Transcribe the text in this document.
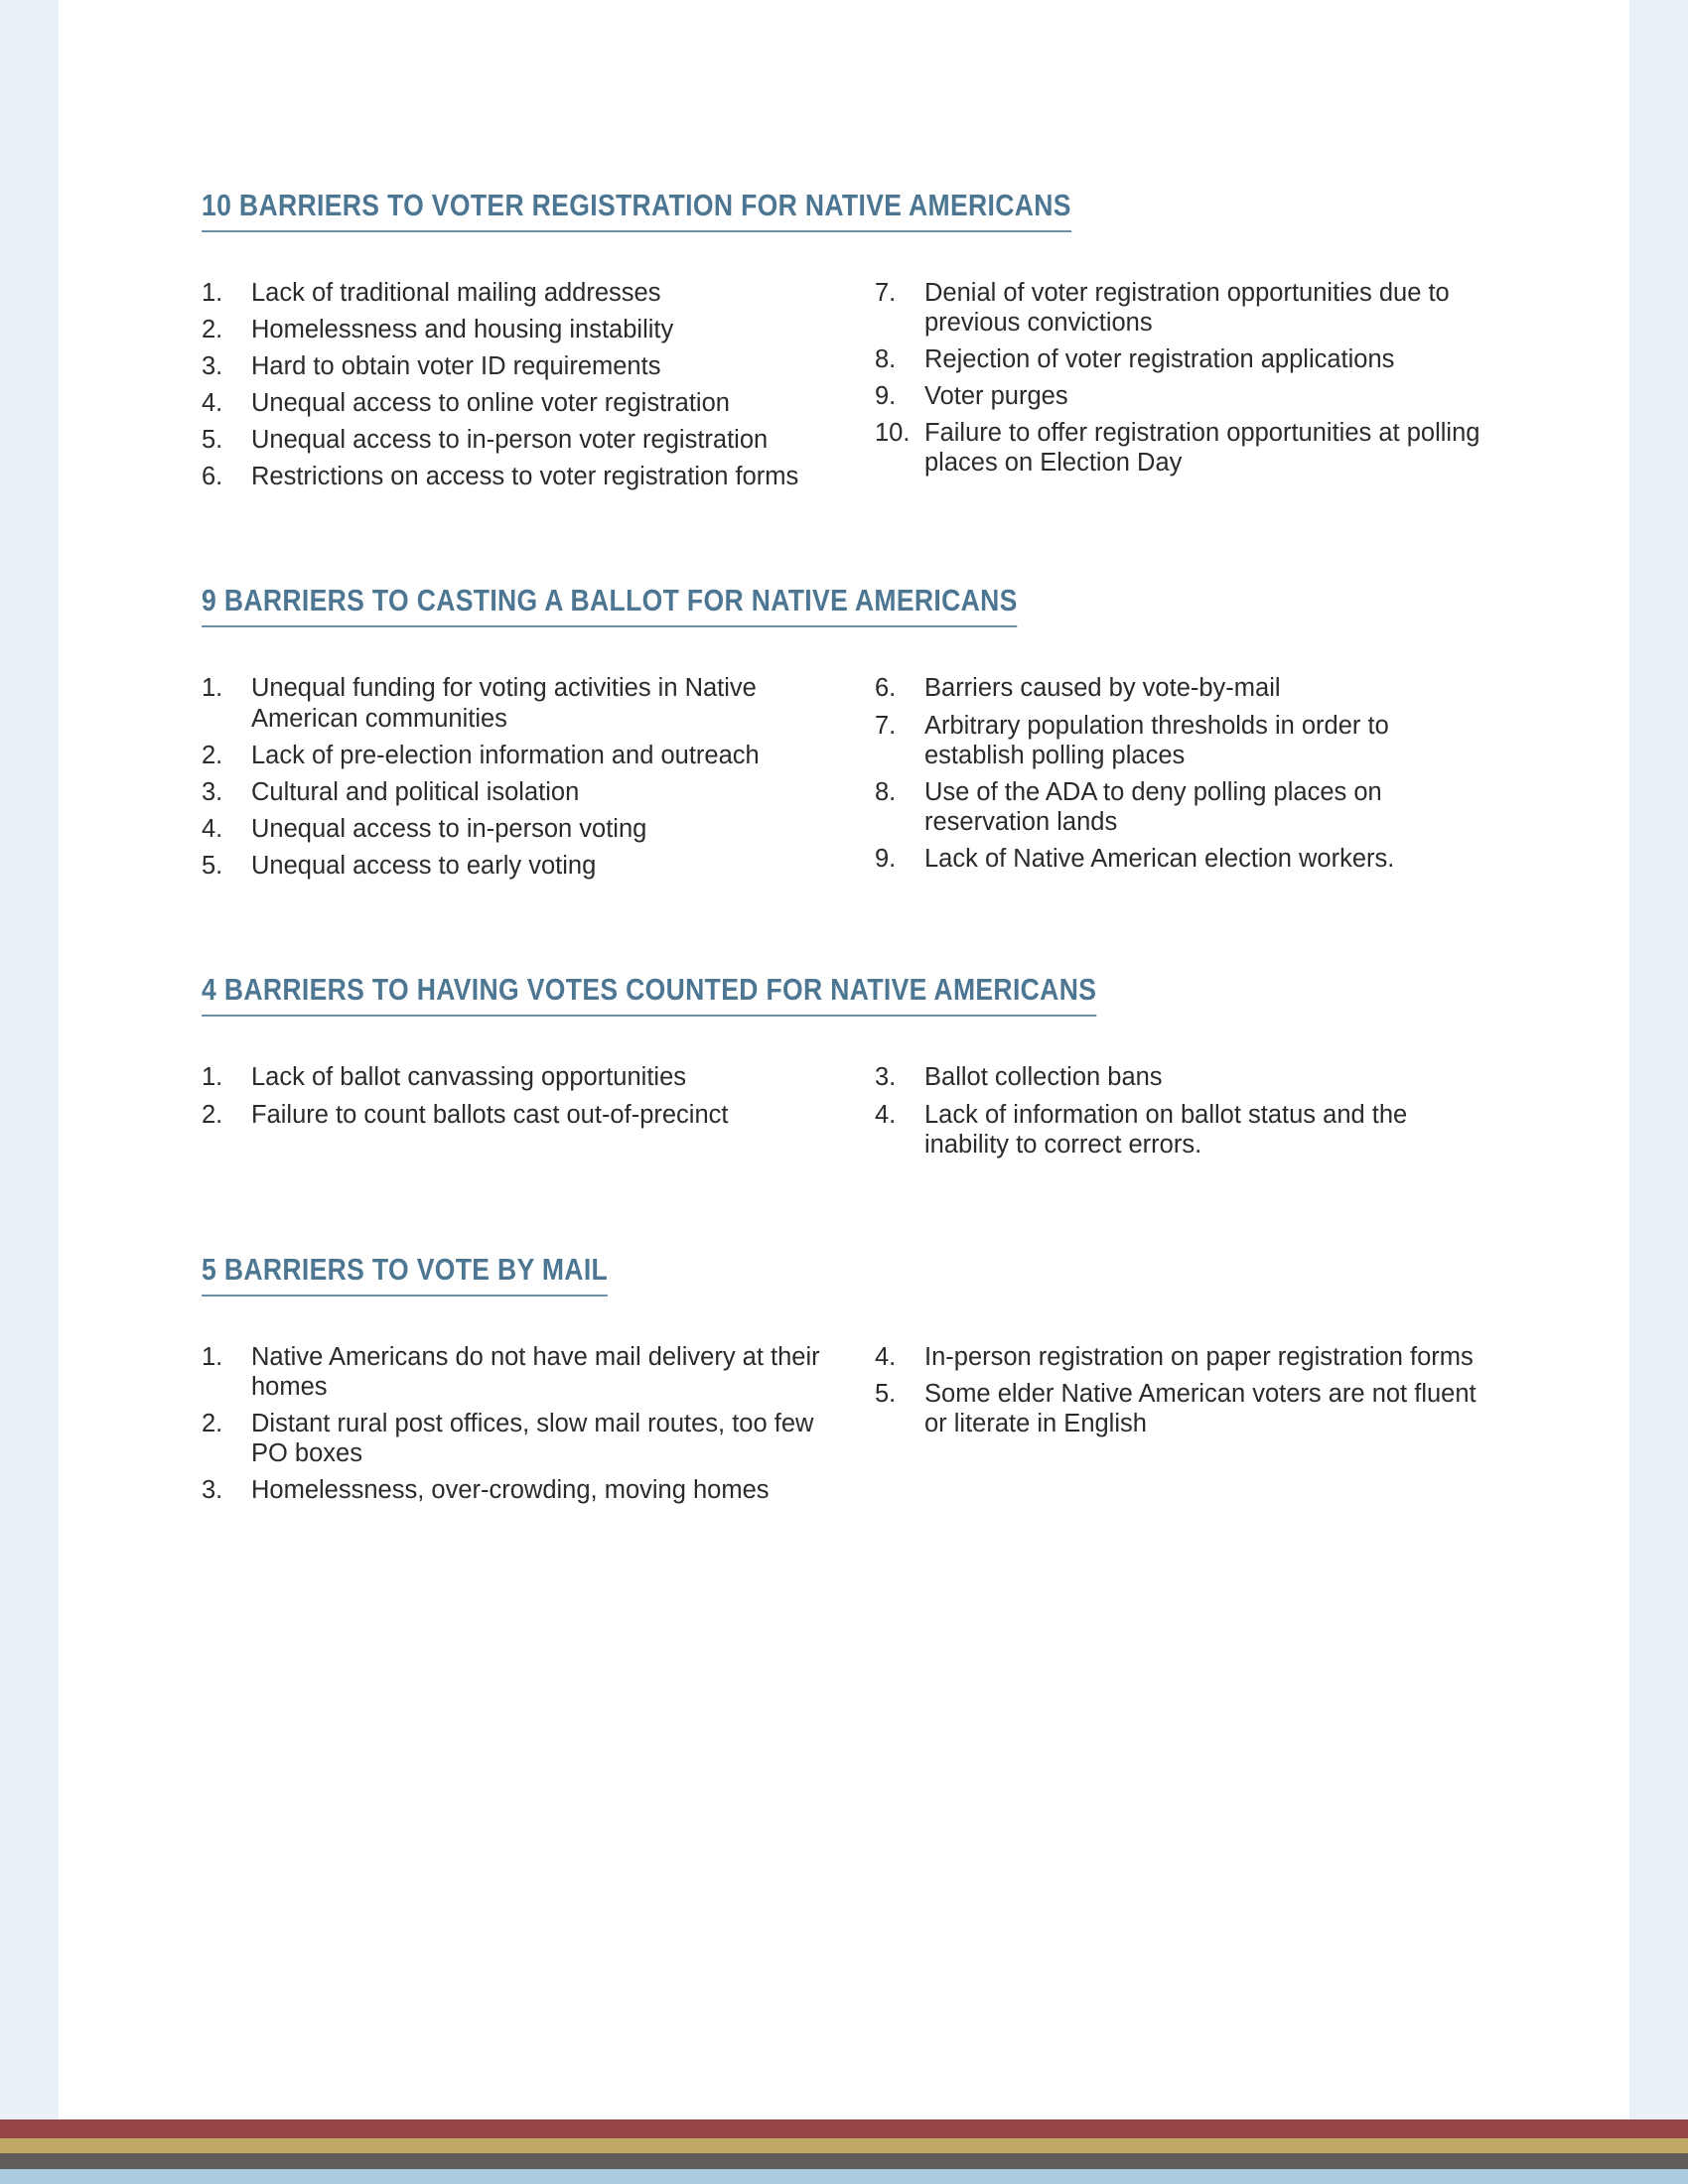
10 BARRIERS TO VOTER REGISTRATION FOR NATIVE AMERICANS
1.	Lack of traditional mailing addresses
2.	Homelessness and housing instability
3.	Hard to obtain voter ID requirements
4.	Unequal access to online voter registration
5.	Unequal access to in-person voter registration
6.	Restrictions on access to voter registration forms
7.	Denial of voter registration opportunities due to previous convictions
8.	Rejection of voter registration applications
9.	Voter purges
10. Failure to offer registration opportunities at polling places on Election Day
9 BARRIERS TO CASTING A BALLOT FOR NATIVE AMERICANS
1.	Unequal funding for voting activities in Native American communities
2.	Lack of pre-election information and outreach
3.	Cultural and political isolation
4.	Unequal access to in-person voting
5.	Unequal access to early voting
6.	Barriers caused by vote-by-mail
7.	Arbitrary population thresholds in order to establish polling places
8.	Use of the ADA to deny polling places on reservation lands
9.	Lack of Native American election workers.
4 BARRIERS TO HAVING VOTES COUNTED FOR NATIVE AMERICANS
1.	Lack of ballot canvassing opportunities
2.	Failure to count ballots cast out-of-precinct
3.	Ballot collection bans
4.	Lack of information on ballot status and the inability to correct errors.
5 BARRIERS TO VOTE BY MAIL
1.	Native Americans do not have mail delivery at their homes
2.	Distant rural post offices, slow mail routes, too few PO boxes
3.	Homelessness, over-crowding, moving homes
4.	In-person registration on paper registration forms
5.	Some elder Native American voters are not fluent or literate in English
